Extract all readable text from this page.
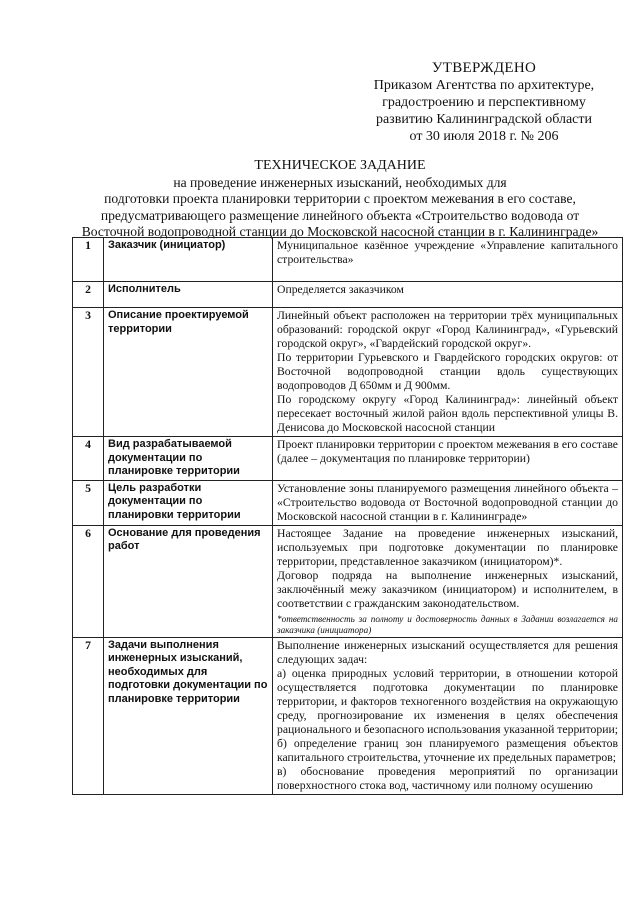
УТВЕРЖДЕНО
Приказом Агентства по архитектуре,
градостроению и перспективному
развитию Калининградской области
от 30 июля 2018 г. № 206
ТЕХНИЧЕСКОЕ ЗАДАНИЕ
на проведение инженерных изысканий, необходимых для
подготовки проекта планировки территории с проектом межевания в его составе,
предусматривающего размещение линейного объекта «Строительство водовода от
Восточной водопроводной станции до Московской насосной станции в г. Калининграде»
1	Заказчик (инициатор)	Муниципальное казённое учреждение «Управление капитального строительства»

2	Исполнитель	Определяется заказчиком

3	Описание проектируемой территории	Линейный объект расположен на территории трёх муниципальных образований: городской округ «Город Калининград», «Гурьевский городской округ», «Гвардейский городской округ».

По территории Гурьевского и Гвардейского городских округов: от Восточной водопроводной станции вдоль существующих водопроводов Д 650мм и Д 900мм.

По городскому округу «Город Калининград»: линейный объект пересекает восточный жилой район вдоль перспективной улицы В. Денисова до Московской насосной станции

4	Вид разрабатываемой документации по планировке территории	Проект планировки территории с проектом межевания в его составе (далее – документация по планировке территории)

5	Цель разработки документации по планировки территории	Установление зоны планируемого размещения линейного объекта – «Строительство водовода от Восточной водопроводной станции до Московской насосной станции в г. Калининграде»

6	Основание для проведения работ	Настоящее Задание на проведение инженерных изысканий, используемых при подготовке документации по планировке территории, представленное заказчиком (инициатором)*.

Договор подряда на выполнение инженерных изысканий, заключённый межу заказчиком (инициатором) и исполнителем, в соответствии с гражданским законодательством.

*ответственность за полноту и достоверность данных в Задании возлагается на заказчика (инициатора)

7	Задачи выполнения инженерных изысканий, необходимых для подготовки документации по планировке территории	Выполнение инженерных изысканий осуществляется для решения следующих задач:

а) оценка природных условий территории, в отношении которой осуществляется подготовка документации по планировке территории, и факторов техногенного воздействия на окружающую среду, прогнозирование их изменения в целях обеспечения рационального и безопасного использования указанной территории;

б) определение границ зон планируемого размещения объектов капитального строительства, уточнение их предельных параметров;

в) обоснование проведения мероприятий по организации поверхностного стока вод, частичному или полному осушению
